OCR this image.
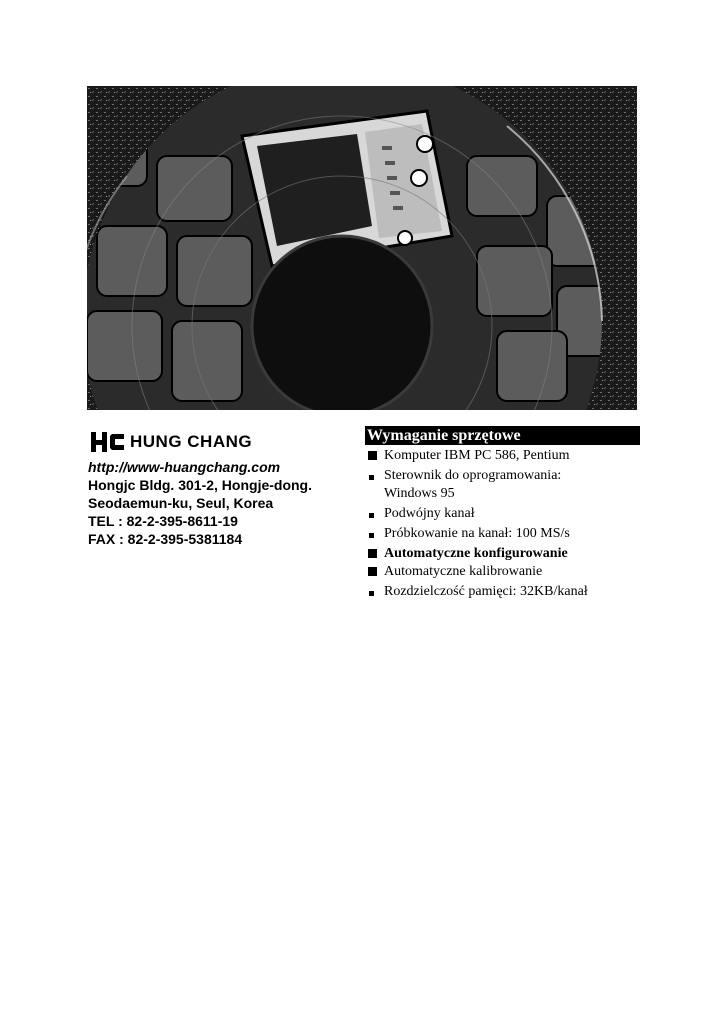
HUNG CHANG
http://www-huangchang.com
Hongjc Bldg. 301-2, Hongje-dong.
Seodaemun-ku, Seul, Korea
TEL : 82-2-395-8611-19
FAX : 82-2-395-5381184
Wymaganie sprzętowe
Komputer IBM PC 586, Pentium
Sterownik do oprogramowania:
Windows 95
Podwójny kanał
Próbkowanie na kanał: 100 MS/s
Automatyczne konfigurowanie
Automatyczne kalibrowanie
Rozdzielczość pamięci: 32KB/kanał
